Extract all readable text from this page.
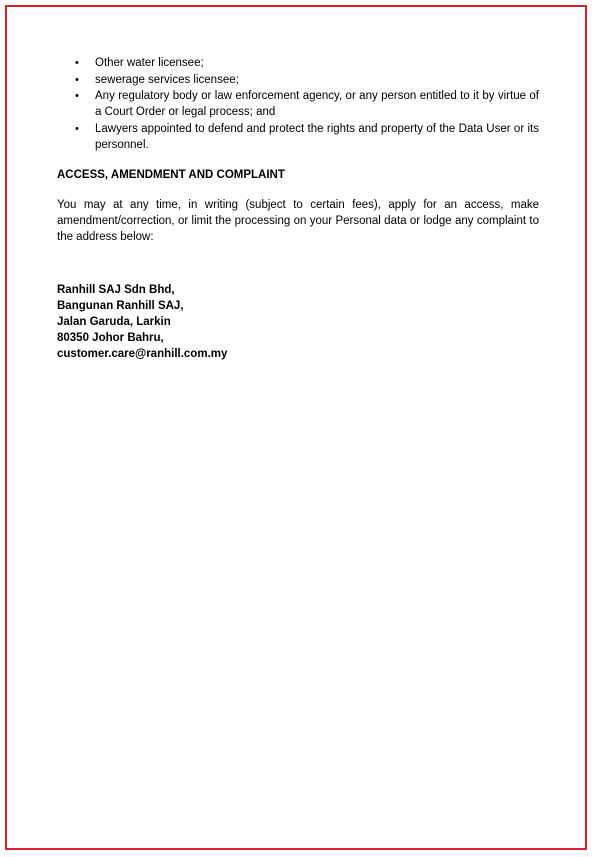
• Other water licensee;
• sewerage services licensee;
• Any regulatory body or law enforcement agency, or any person entitled to it by virtue of a Court Order or legal process; and
• Lawyers appointed to defend and protect the rights and property of the Data User or its personnel.
ACCESS, AMENDMENT AND COMPLAINT

You may at any time, in writing (subject to certain fees), apply for an access, make amendment/correction, or limit the processing on your Personal data or lodge any complaint to the address below:

Ranhill SAJ Sdn Bhd,
Bangunan Ranhill SAJ,
Jalan Garuda, Larkin
80350 Johor Bahru,
customer.care@ranhill.com.my
